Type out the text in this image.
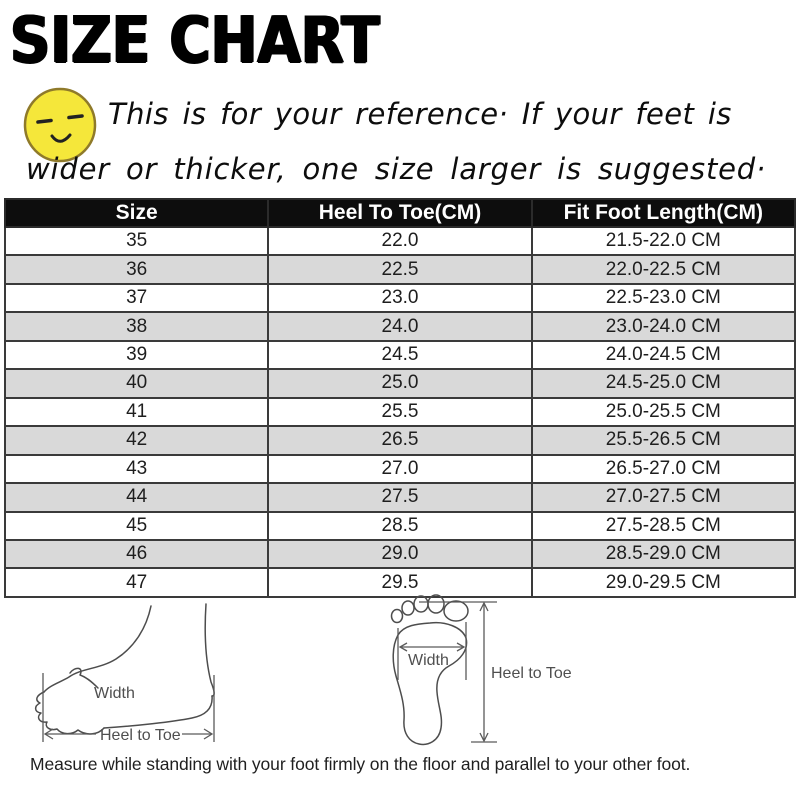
SIZE CHART
This is for your reference· If your feet is
wider or thicker, one size larger is suggested·
Size	Heel To Toe(CM)	Fit Foot Length(CM)
35	22.0	21.5-22.0 CM
36	22.5	22.0-22.5 CM
37	23.0	22.5-23.0 CM
38	24.0	23.0-24.0 CM
39	24.5	24.0-24.5 CM
40	25.0	24.5-25.0 CM
41	25.5	25.0-25.5 CM
42	26.5	25.5-26.5 CM
43	27.0	26.5-27.0 CM
44	27.5	27.0-27.5 CM
45	28.5	27.5-28.5 CM
46	29.0	28.5-29.0 CM
47	29.5	29.0-29.5 CM
Width
Heel to Toe
Width
Heel to Toe
Measure while standing with your foot firmly on the floor and parallel to your other foot.
